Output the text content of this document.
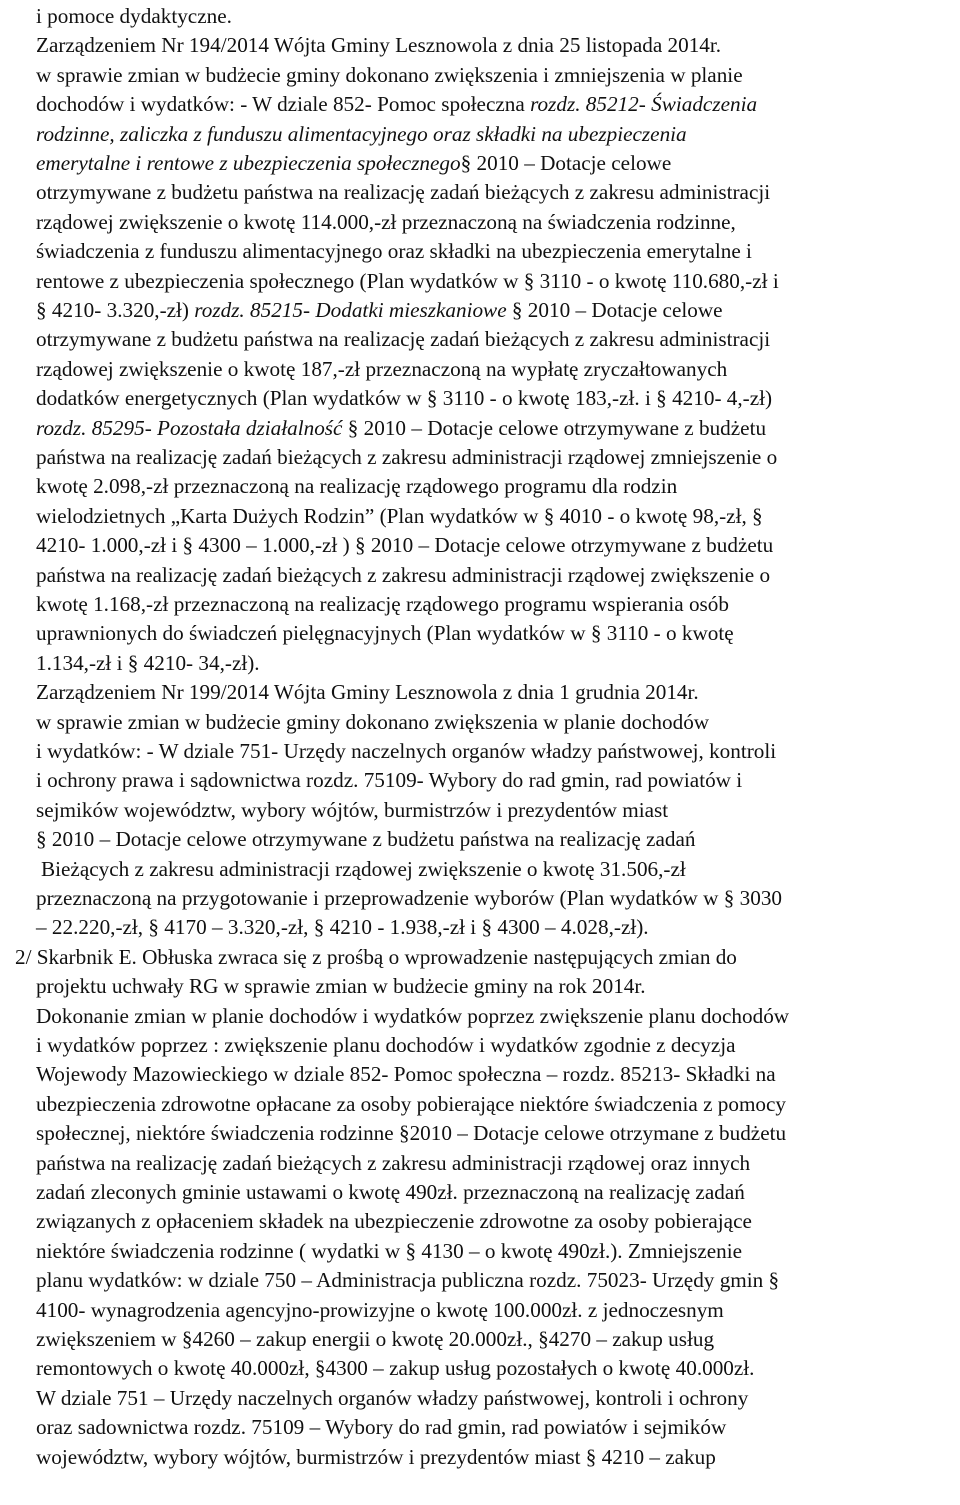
i pomoce dydaktyczne.
Zarządzeniem Nr 194/2014 Wójta Gminy Lesznowola z dnia 25 listopada 2014r.
w sprawie zmian w budżecie gminy dokonano zwiększenia i zmniejszenia w planie
dochodów i wydatków: - W dziale 852- Pomoc społeczna rozdz. 85212- Świadczenia
rodzinne, zaliczka z funduszu alimentacyjnego oraz składki na ubezpieczenia
emerytalne i rentowe z ubezpieczenia społecznego§ 2010 – Dotacje celowe
otrzymywane z budżetu państwa na realizację zadań bieżących z zakresu administracji
rządowej zwiększenie o kwotę 114.000,-zł przeznaczoną na świadczenia rodzinne,
świadczenia z funduszu alimentacyjnego oraz składki na ubezpieczenia emerytalne i
rentowe z ubezpieczenia społecznego (Plan wydatków w § 3110 - o kwotę 110.680,-zł i
§ 4210- 3.320,-zł) rozdz. 85215- Dodatki mieszkaniowe § 2010 – Dotacje celowe
otrzymywane z budżetu państwa na realizację zadań bieżących z zakresu administracji
rządowej zwiększenie o kwotę 187,-zł przeznaczoną na wypłatę zryczałtowanych
dodatków energetycznych (Plan wydatków w § 3110 - o kwotę 183,-zł. i § 4210- 4,-zł)
rozdz. 85295- Pozostała działalność § 2010 – Dotacje celowe otrzymywane z budżetu
państwa na realizację zadań bieżących z zakresu administracji rządowej zmniejszenie o
kwotę 2.098,-zł przeznaczoną na realizację rządowego programu dla rodzin
wielodzietnych „Karta Dużych Rodzin” (Plan wydatków w § 4010 - o kwotę 98,-zł, §
4210- 1.000,-zł i § 4300 – 1.000,-zł ) § 2010 – Dotacje celowe otrzymywane z budżetu
państwa na realizację zadań bieżących z zakresu administracji rządowej zwiększenie o
kwotę 1.168,-zł przeznaczoną na realizację rządowego programu wspierania osób
uprawnionych do świadczeń pielęgnacyjnych (Plan wydatków w § 3110 - o kwotę
1.134,-zł i § 4210- 34,-zł).
Zarządzeniem Nr 199/2014 Wójta Gminy Lesznowola z dnia 1 grudnia 2014r.
w sprawie zmian w budżecie gminy dokonano zwiększenia w planie dochodów
i wydatków: - W dziale 751- Urzędy naczelnych organów władzy państwowej, kontroli
i ochrony prawa i sądownictwa rozdz. 75109- Wybory do rad gmin, rad powiatów i
sejmików województw, wybory wójtów, burmistrzów i prezydentów miast
§ 2010 – Dotacje celowe otrzymywane z budżetu państwa na realizację zadań
Bieżących z zakresu administracji rządowej zwiększenie o kwotę 31.506,-zł
przeznaczoną na przygotowanie i przeprowadzenie wyborów (Plan wydatków w § 3030
– 22.220,-zł, § 4170 – 3.320,-zł, § 4210 - 1.938,-zł i § 4300 – 4.028,-zł).
2/ Skarbnik E. Obłuska zwraca się z prośbą o wprowadzenie następujących zmian do
projektu uchwały RG w sprawie zmian w budżecie gminy na rok 2014r.
Dokonanie zmian w planie dochodów i wydatków poprzez zwiększenie planu dochodów
i wydatków poprzez : zwiększenie planu dochodów i wydatków zgodnie z decyzja
Wojewody Mazowieckiego w dziale 852- Pomoc społeczna – rozdz. 85213- Składki na
ubezpieczenia zdrowotne opłacane za osoby pobierające niektóre świadczenia z pomocy
społecznej, niektóre świadczenia rodzinne §2010 – Dotacje celowe otrzymane z budżetu
państwa na realizację zadań bieżących z zakresu administracji rządowej oraz innych
zadań zleconych gminie ustawami o kwotę 490zł. przeznaczoną na realizację zadań
związanych z opłaceniem składek na ubezpieczenie zdrowotne za osoby pobierające
niektóre świadczenia rodzinne ( wydatki w § 4130 – o kwotę 490zł.). Zmniejszenie
planu wydatków: w dziale 750 – Administracja publiczna rozdz. 75023- Urzędy gmin §
4100- wynagrodzenia agencyjno-prowizyjne o kwotę 100.000zł. z jednoczesnym
zwiększeniem w §4260 – zakup energii o kwotę 20.000zł., §4270 – zakup usług
remontowych o kwotę 40.000zł, §4300 – zakup usług pozostałych o kwotę 40.000zł.
W dziale 751 – Urzędy naczelnych organów władzy państwowej, kontroli i ochrony
oraz sadownictwa rozdz. 75109 – Wybory do rad gmin, rad powiatów i sejmików
województw, wybory wójtów, burmistrzów i prezydentów miast § 4210 – zakup
